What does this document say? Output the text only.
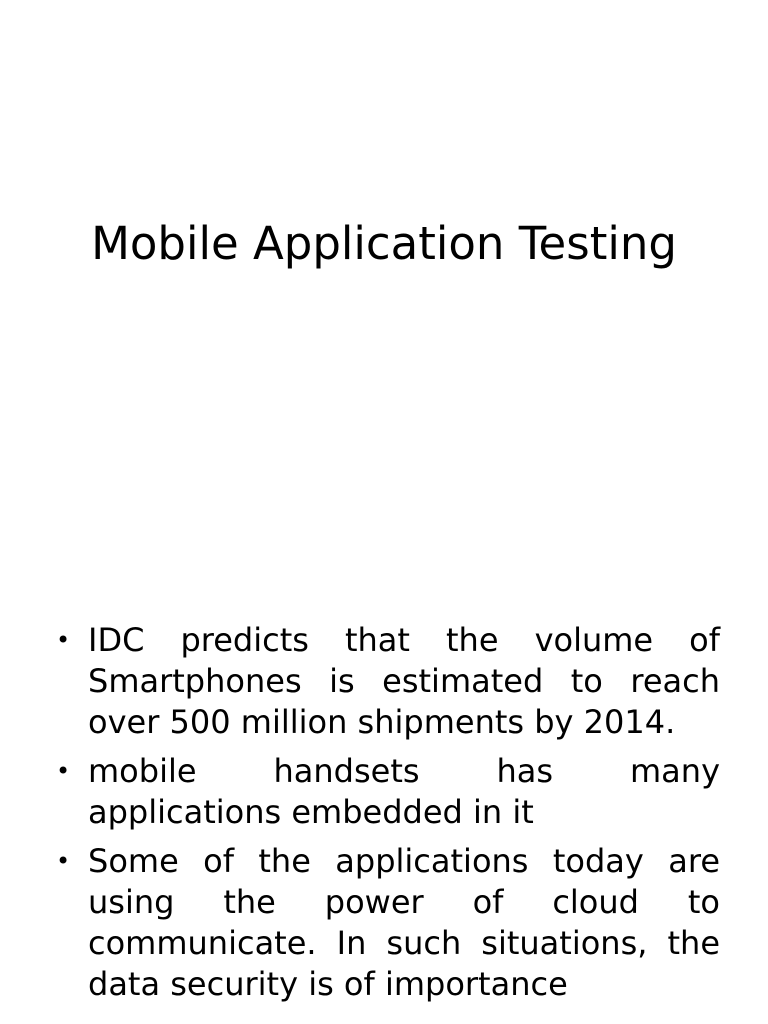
Mobile Application Testing
• IDC predicts that the volume of Smartphones is estimated to reach over 500 million shipments by 2014.
• mobile handsets has many applications embedded in it
• Some of the applications today are using the power of cloud to communicate. In such situations, the data security is of importance
